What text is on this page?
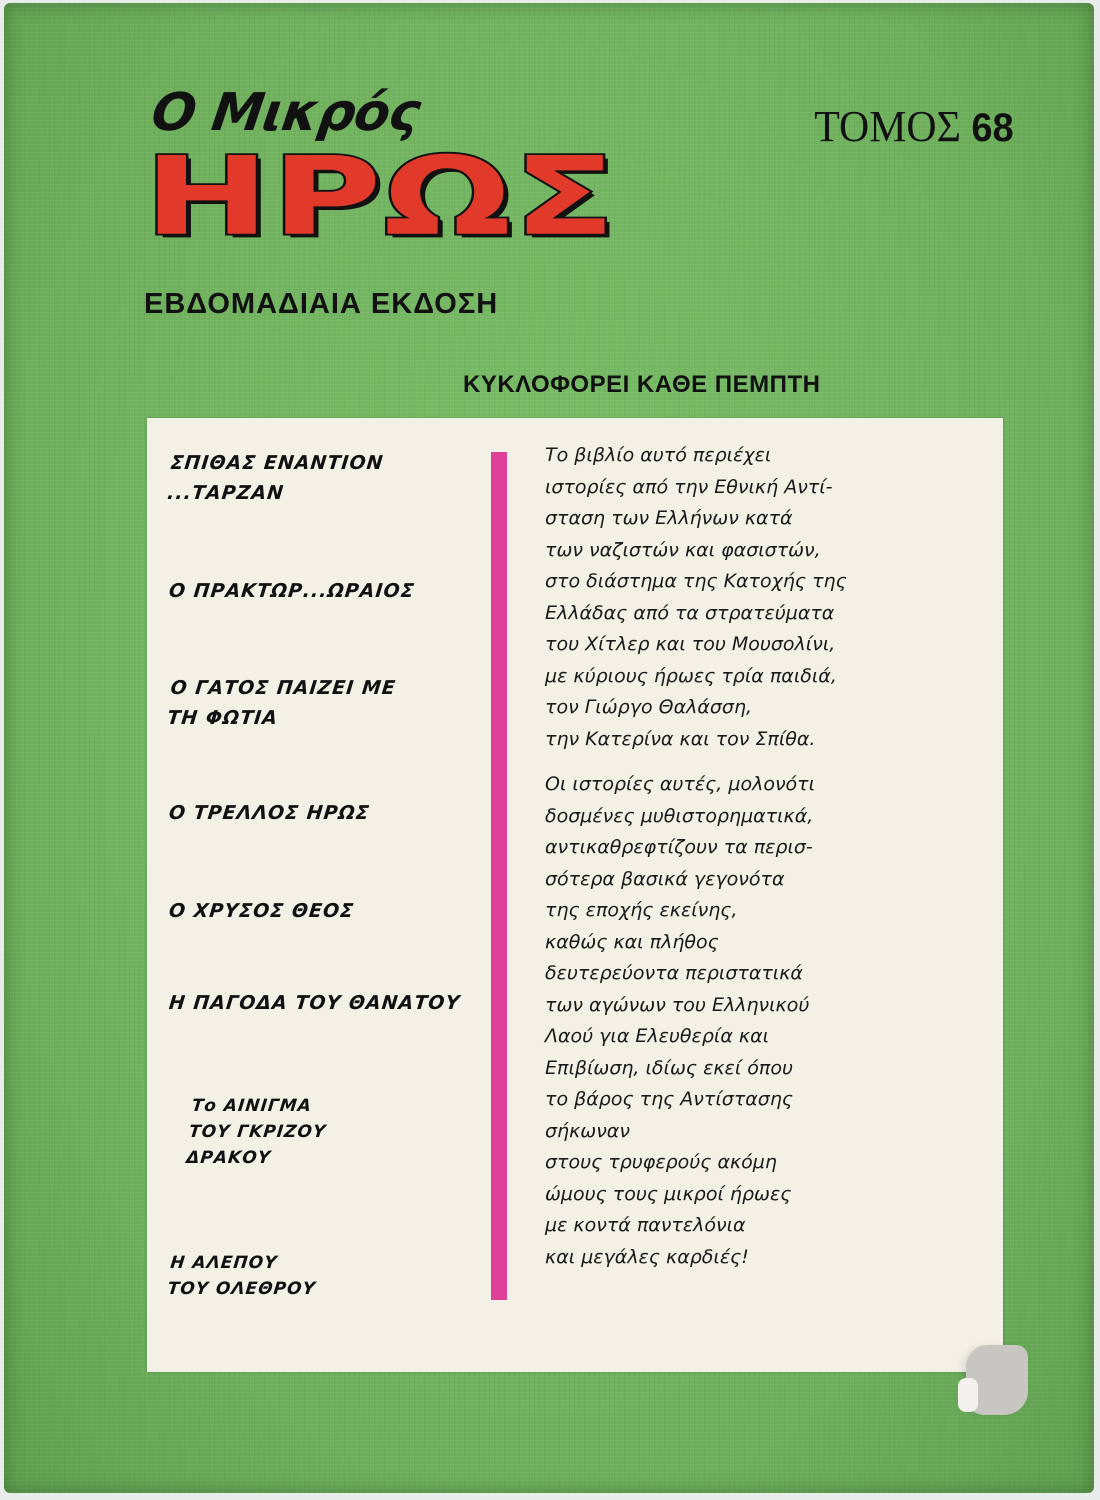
Ο Μικρός
ΗΡΩΣ
ΕΒΔΟΜΑΔΙΑΙΑ ΕΚΔΟΣΗ
ΤΟΜΟΣ 68
ΚΥΚΛΟΦΟΡΕΙ ΚΑΘΕ ΠΕΜΠΤΗ

ΣΠΙΘΑΣ ΕΝΑΝΤΙΟΝ
...ΤΑΡΖΑΝ

Ο ΠΡΑΚΤΩΡ...ΩΡΑΙΟΣ

Ο ΓΑΤΟΣ ΠΑΙΖΕΙ ΜΕ
ΤΗ ΦΩΤΙΑ

Ο ΤΡΕΛΛΟΣ ΗΡΩΣ

Ο ΧΡΥΣΟΣ ΘΕΟΣ

Η ΠΑΓΟΔΑ ΤΟΥ ΘΑΝΑΤΟΥ

Το ΑΙΝΙΓΜΑ
ΤΟΥ ΓΚΡΙΖΟΥ
ΔΡΑΚΟΥ

Η ΑΛΕΠΟΥ
ΤΟΥ ΟΛΕΘΡΟΥ

Το βιβλίο αυτό περιέχει
ιστορίες από την Εθνική Αντί-
σταση των Ελλήνων κατά
των ναζιστών και φασιστών,
στο διάστημα της Κατοχής της
Ελλάδας από τα στρατεύματα
του Χίτλερ και του Μουσολίνι,
με κύριους ήρωες τρία παιδιά,
τον Γιώργο Θαλάσση,
την Κατερίνα και τον Σπίθα.

Οι ιστορίες αυτές, μολονότι
δοσμένες μυθιστορηματικά,
αντικαθρεφτίζουν τα περισ-
σότερα βασικά γεγονότα
της εποχής εκείνης,
καθώς και πλήθος
δευτερεύοντα περιστατικά
των αγώνων του Ελληνικού
Λαού για Ελευθερία και
Επιβίωση, ιδίως εκεί όπου
το βάρος της Αντίστασης
σήκωναν
στους τρυφερούς ακόμη
ώμους τους μικροί ήρωες
με κοντά παντελόνια
και μεγάλες καρδιές!
